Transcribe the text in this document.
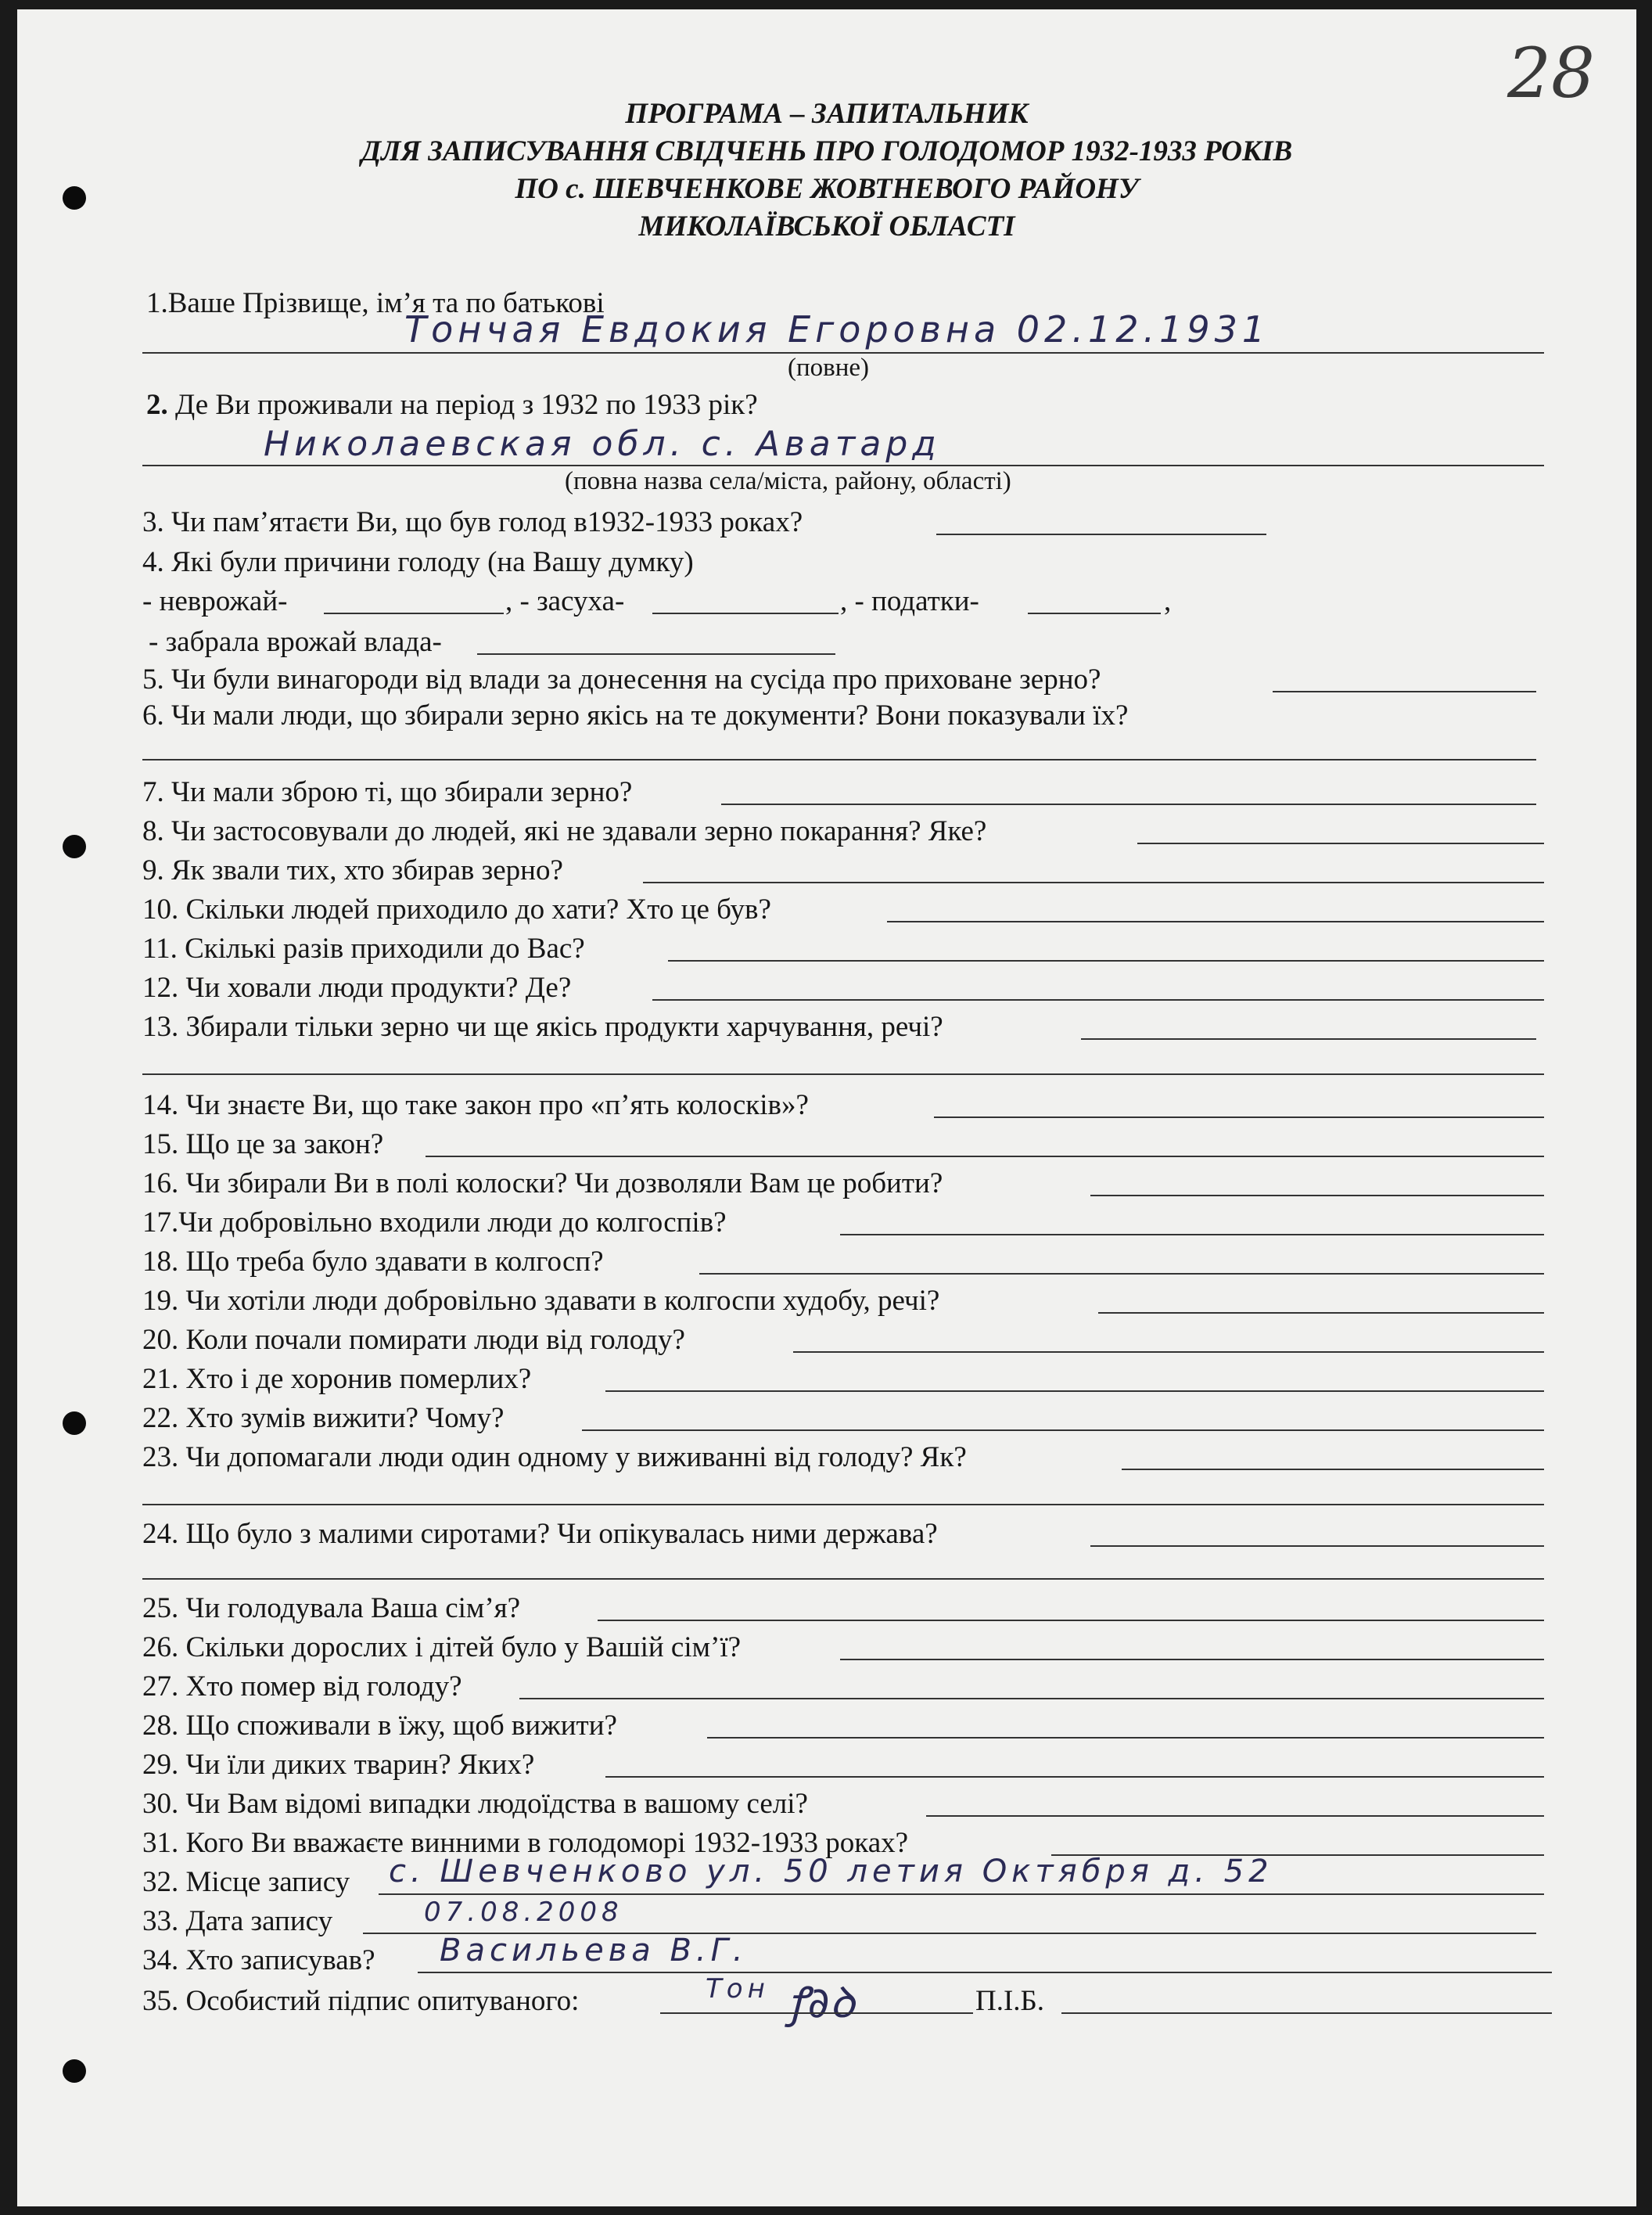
28
ПРОГРАМА – ЗАПИТАЛЬНИК
ДЛЯ ЗАПИСУВАННЯ СВІДЧЕНЬ ПРО ГОЛОДОМОР 1932-1933 РОКІВ
ПО с. ШЕВЧЕНКОВЕ ЖОВТНЕВОГО РАЙОНУ
МИКОЛАЇВСЬКОЇ ОБЛАСТІ
1.Ваше Прізвище, ім’я та по батькові
Тончая Евдокия Егоровна 02.12.1931
(повне)
2. Де Ви проживали на період з 1932 по 1933 рік?
Николаевская обл. с. Аватард
(повна назва села/міста, району, області)
3. Чи пам’ятаєти Ви, що був голод в1932-1933 роках?
4. Які були причини голоду (на Вашу думку)
- неврожай-	, - засуха-	, - податки-	,
- забрала врожай влада-
5. Чи були винагороди від влади за донесення на сусіда про приховане зерно?
6. Чи мали люди, що збирали зерно якісь на те документи? Вони показували їх?
7. Чи мали зброю ті, що збирали зерно?
8. Чи застосовували до людей, які не здавали зерно покарання? Яке?
9. Як звали тих, хто збирав зерно?
10. Скільки людей приходило до хати? Хто це був?
11. Скількі разів приходили до Вас?
12. Чи ховали люди продукти? Де?
13. Збирали тільки зерно чи ще якісь продукти харчування, речі?
14. Чи знаєте Ви, що таке закон про «п’ять колосків»?
15. Що це за закон?
16. Чи збирали Ви в полі колоски? Чи дозволяли Вам це робити?
17.Чи добровільно входили люди до колгоспів?
18. Що треба було здавати в колгосп?
19. Чи хотіли люди добровільно здавати в колгоспи худобу, речі?
20. Коли почали помирати люди від голоду?
21. Хто і де хоронив померлих?
22. Хто зумів вижити? Чому?
23. Чи допомагали люди один одному у виживанні від голоду? Як?
24. Що було з малими сиротами? Чи опікувалась ними держава?
25. Чи голодувала Ваша сім’я?
26. Скільки дорослих і дітей було у Вашій сім’ї?
27. Хто помер від голоду?
28. Що споживали в їжу, щоб вижити?
29. Чи їли диких тварин? Яких?
30. Чи Вам відомі випадки людоїдства в вашому селі?
31. Кого Ви вважаєте винними в голодоморі 1932-1933 роках?
32. Місце запису с. Шевченково ул. 50 летия Октября д. 52
33. Дата запису	07.08.2008
34. Хто записував? Васильева В.Г.
35. Особистий підпис опитуваного:	Тон ꝭ∂ꝺ	П.І.Б.
